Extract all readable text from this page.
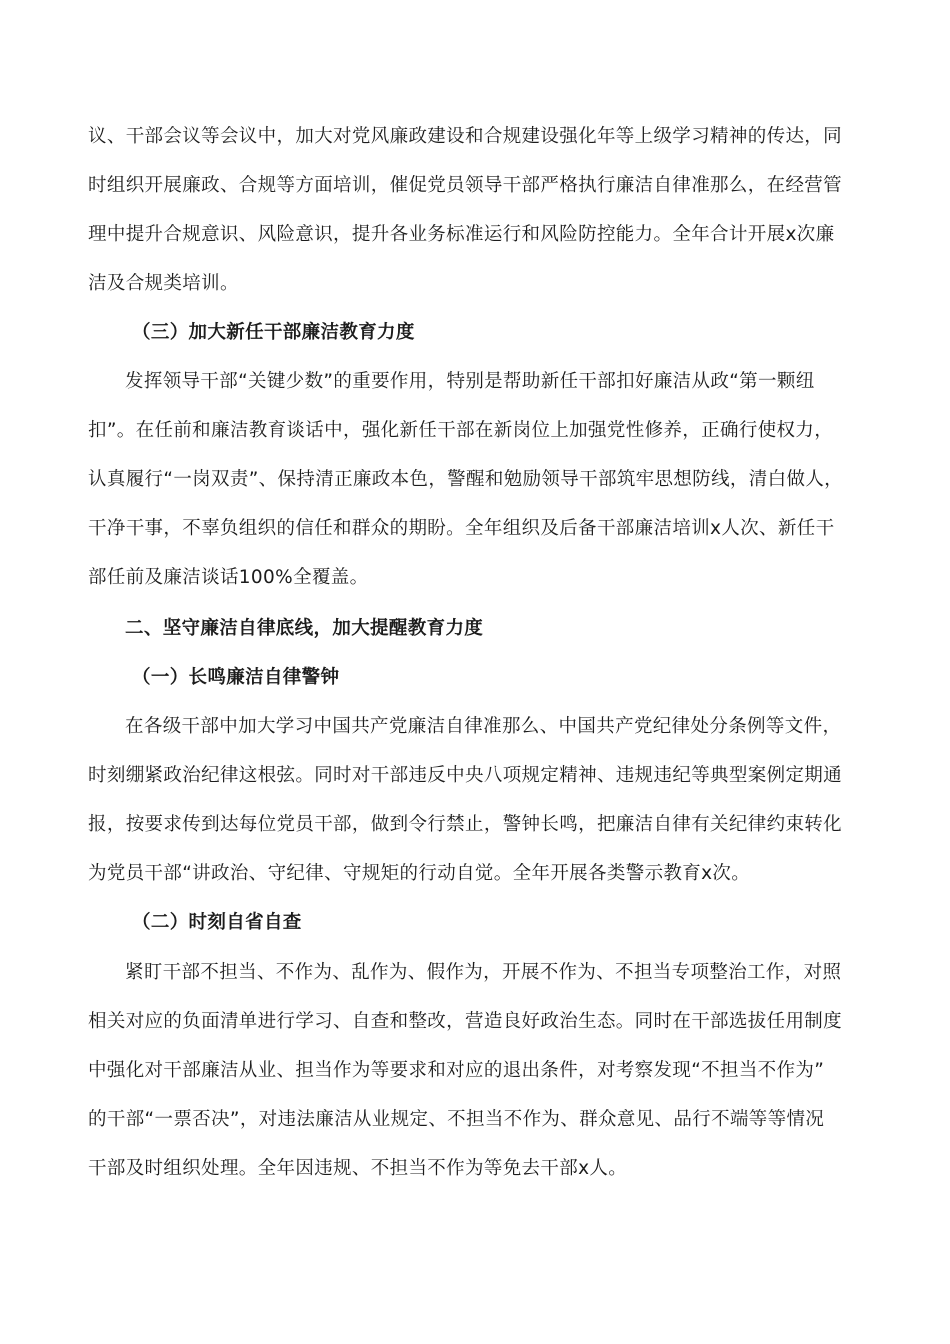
议、干部会议等会议中，加大对党风廉政建设和合规建设强化年等上级学习精神的传达，同
时组织开展廉政、合规等方面培训，催促党员领导干部严格执行廉洁自律准那么，在经营管
理中提升合规意识、风险意识，提升各业务标准运行和风险防控能力。全年合计开展x次廉
洁及合规类培训。
（三）加大新任干部廉洁教育力度
发挥领导干部“关键少数”的重要作用，特别是帮助新任干部扣好廉洁从政“第一颗纽
扣”。在任前和廉洁教育谈话中，强化新任干部在新岗位上加强党性修养，正确行使权力，
认真履行“一岗双责”、保持清正廉政本色，警醒和勉励领导干部筑牢思想防线，清白做人，
干净干事，不辜负组织的信任和群众的期盼。全年组织及后备干部廉洁培训x人次、新任干
部任前及廉洁谈话100%全覆盖。
二、坚守廉洁自律底线，加大提醒教育力度
（一）长鸣廉洁自律警钟
在各级干部中加大学习中国共产党廉洁自律准那么、中国共产党纪律处分条例等文件，
时刻绷紧政治纪律这根弦。同时对干部违反中央八项规定精神、违规违纪等典型案例定期通
报，按要求传到达每位党员干部，做到令行禁止，警钟长鸣，把廉洁自律有关纪律约束转化
为党员干部“讲政治、守纪律、守规矩的行动自觉。全年开展各类警示教育x次。
（二）时刻自省自查
紧盯干部不担当、不作为、乱作为、假作为，开展不作为、不担当专项整治工作，对照
相关对应的负面清单进行学习、自查和整改，营造良好政治生态。同时在干部选拔任用制度
中强化对干部廉洁从业、担当作为等要求和对应的退出条件，对考察发现“不担当不作为”
的干部“一票否决”，对违法廉洁从业规定、不担当不作为、群众意见、品行不端等等情况
干部及时组织处理。全年因违规、不担当不作为等免去干部x人。
